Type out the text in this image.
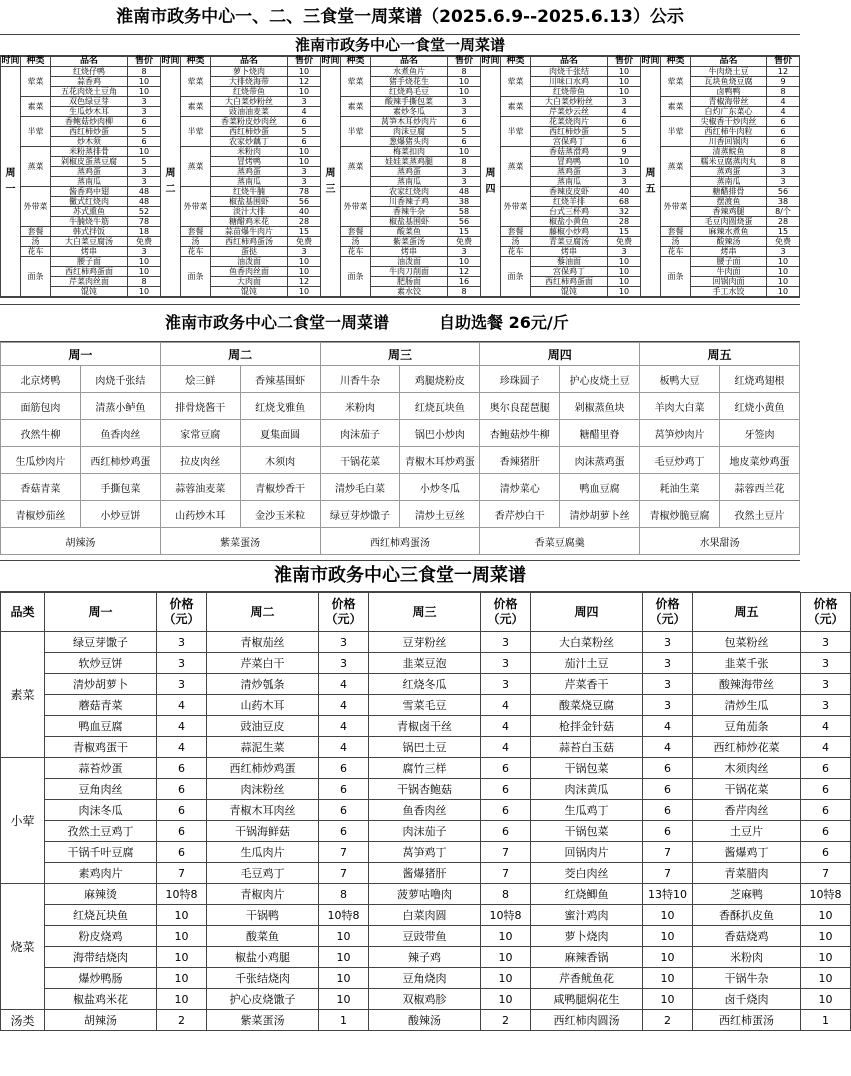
淮南市政务中心一、二、三食堂一周菜谱（2025.6.9--2025.6.13）公示
淮南市政务中心一食堂一周菜谱
时间	种类	品名	售价	时间	种类	品名	售价	时间	种类	品名	售价	时间	种类	品名	售价	时间	种类	品名	售价
周一	荤菜	红烧仔鸭	8	周二	荤菜	萝卜烧肉	10	周三	荤菜	水煮鱼片	8	周四	荤菜	肉烧千张结	10	周五	荤菜	牛肉烧土豆	12
		蒜香鸡	10			大排烧海带	12			猪手烧花生	10			川味口水鸡	10			瓦块鱼烧豆腐	9
		五花肉烧土豆角	10			红烧带鱼	10			红烧鸡毛豆	10			红烧带鱼	10			卤鸭鸭	8
	素菜	双色绿豆芽	3		素菜	大白菜炒粉丝	3		素菜	酸辣手撕包菜	3		素菜	大白菜炒粉丝	3		素菜	青椒海带丝	4
		生瓜炒木耳	3			豉油油麦菜	4			素炒冬瓜	3			芹菜炒云丝	4			白灼广东菜心	4
	半荤	香鲍菇炒肉柳	6		半荤	香菜粉皮炒肉丝	6		半荤	莴笋木耳炒肉片	6		半荤	花菜烧肉片	6		半荤	尖椒香干炒肉丝	6
		西红柿炒蛋	5			西红柿炒蛋	5			肉沫豆腐	5			西红柿炒蛋	5			西红柿牛肉粒	6
		炒木须	6			农家炒藕丁	6			葱爆猪头肉	6			宫保鸡丁	6			川香回锅肉	6
	蒸菜	米粉蒸排骨	10		蒸菜	米粉肉	10		蒸菜	梅菜扣肉	10		蒸菜	香菇蒸滑鸡	9		蒸菜	清蒸鲩鱼	8
		剁椒皮蛋蒸豆腐	5			冒烤鸭	10			娃娃菜蒸鸡腿	8			冒鸡鸭	10			糯米豆腐蒸肉丸	8
		蒸鸡蛋	3			蒸鸡蛋	3			蒸鸡蛋	3			蒸鸡蛋	3			蒸鸡蛋	3
		蒸南瓜	3			蒸南瓜	3			蒸南瓜	3			蒸南瓜	3			蒸南瓜	3
	外带菜	酱香鸡中翅	48		外带菜	红烧牛腩	78		外带菜	农家红烧肉	48		外带菜	香辣皮皮虾	40		外带菜	糖醋排骨	56
		黴式红烧肉	48			椒盐基围虾	56			川香辣子鸡	38			红烧羊排	68			摆渡鱼	38
		苏式熏鱼	52			淡汁大排	40			香辣牛杂	58			台式三杯鸡	32			香辣鸡腿	8/个
		牛腩烧牛筋	78			糖醋鸡米花	28			椒盐基围虾	56			椒盐小黄鱼	28			毛豆肉圆烧蛋	28
	套餐	韩式拌饭	18		套餐	蒜苗爆牛肉片	15		套餐	酸菜鱼	15		套餐	藤椒小炒鸡	15		套餐	麻辣水煮鱼	15
	汤	大白菜豆腐汤	免费		汤	西红柿鸡蛋汤	免费		汤	紫菜蛋汤	免费		汤	青菜豆腐汤	免费		汤	酸辣汤	免费
	花车	烤串	3		花车	蛋挞	3		花车	烤串	3		花车	烤串	3		花车	烤串	3
	面条	腰子面	10		面条	油泼面	10		面条	油泼面	10		面条	藜油面	10		面条	腰子面	10
		西红柿鸡蛋面	10			鱼香肉丝面	10			牛肉刀削面	12			宫保鸡丁	10			牛肉面	10
		芹菜肉丝面	8			大肉面	12			肥肠面	16			西红柿鸡蛋面	10			回锅肉面	10
		馄饨	10			馄饨	10			素水饺	8			馄饨	10			手工水饺	10
淮南市政务中心二食堂一周菜谱	自助选餐 26元/斤
周一		周二		周三		周四		周五	
北京烤鸭	肉烧千张结	烩三鲜	香辣基围虾	川香牛杂	鸡腿烧粉皮	珍珠圆子	护心皮烧土豆	板鸭大豆	红烧鸡翅根
面筋包肉	清蒸小鲈鱼	排骨烧酱干	红烧戈雅鱼	米粉肉	红烧瓦块鱼	奥尔良琵琶腿	剁椒蒸鱼块	羊肉大白菜	红烧小黄鱼
孜然牛柳	鱼香肉丝	家常豆腐	夏集面圆	肉沫茄子	锅巴小炒肉	杏鲍菇炒牛柳	糖醋里脊	莴笋炒肉片	牙签肉
生瓜炒肉片	西红柿炒鸡蛋	拉皮肉丝	木须肉	干锅花菜	青椒木耳炒鸡蛋	香辣猪肝	肉沫蒸鸡蛋	毛豆炒鸡丁	地皮菜炒鸡蛋
香菇青菜	手撕包菜	蒜蓉油麦菜	青椒炒香干	清炒毛白菜	小炒冬瓜	清炒菜心	鸭血豆腐	耗油生菜	蒜蓉西兰花
青椒炒茄丝	小炒豆饼	山药炒木耳	金沙玉米粒	绿豆芽炒馓子	清炒土豆丝	香芹炒白干	清炒胡萝卜丝	青椒炒脆豆腐	孜然土豆片
胡辣汤		紫菜蛋汤		西红柿鸡蛋汤		香菜豆腐羹		水果甜汤	
淮南市政务中心三食堂一周菜谱
品类	周一	价格（元）	周二	价格（元）	周三	价格（元）	周四	价格（元）	周五	价格（元）
素菜	绿豆芽馓子	3	青椒茄丝	3	豆芽粉丝	3	大白菜粉丝	3	包菜粉丝	3
	软炒豆饼	3	芹菜白干	3	韭菜豆泡	3	茄汁土豆	3	韭菜千张	3
	清炒胡萝卜	3	清炒瓠条	4	红烧冬瓜	3	芹菜香干	3	酸辣海带丝	3
	蘑菇青菜	4	山药木耳	4	雪菜毛豆	4	酸菜烧豆腐	3	清炒生瓜	3
	鸭血豆腐	4	豉油豆皮	4	青椒卤干丝	4	枪拌金针菇	4	豆角茄条	4
	青椒鸡蛋干	4	蒜泥生菜	4	锅巴土豆	4	蒜苔白玉菇	4	西红柿炒花菜	4
小荤	蒜苔炒蛋	6	西红柿炒鸡蛋	6	腐竹三样	6	干锅包菜	6	木须肉丝	6
	豆角肉丝	6	肉沫粉丝	6	干锅杏鲍菇	6	肉沫黄瓜	6	干锅花菜	6
	肉沫冬瓜	6	青椒木耳肉丝	6	鱼香肉丝	6	生瓜鸡丁	6	香芹肉丝	6
	孜然土豆鸡丁	6	干锅海鲜菇	6	肉沫茄子	6	干锅包菜	6	土豆片	6
	干锅千叶豆腐	6	生瓜肉片	7	莴笋鸡丁	7	回锅肉片	7	酱爆鸡丁	6
	素鸡肉片	7	毛豆鸡丁	7	酱爆猪肝	7	茭白肉丝	7	青菜腊肉	7
烧菜	麻辣烫	10特8	青椒肉片	8	菠萝咕噜肉	8	红烧鲫鱼	13特10	芝麻鸭	10特8
	红烧瓦块鱼	10	干锅鸭	10特8	白菜肉圆	10特8	蜜汁鸡肉	10	香酥扒皮鱼	10
	粉皮烧鸡	10	酸菜鱼	10	豆豉带鱼	10	萝卜烧肉	10	香菇烧鸡	10
	海带结烧肉	10	椒盐小鸡腿	10	辣子鸡	10	麻辣香锅	10	米粉肉	10
	爆炒鸭肠	10	千张结烧肉	10	豆角烧肉	10	芹香鱿鱼花	10	干锅牛杂	10
	椒盐鸡米花	10	护心皮烧馓子	10	双椒鸡胗	10	咸鸭腿焖花生	10	卤千烧肉	10
汤类	胡辣汤	2	紫菜蛋汤	1	酸辣汤	2	西红柿肉圆汤	2	西红柿蛋汤	1
